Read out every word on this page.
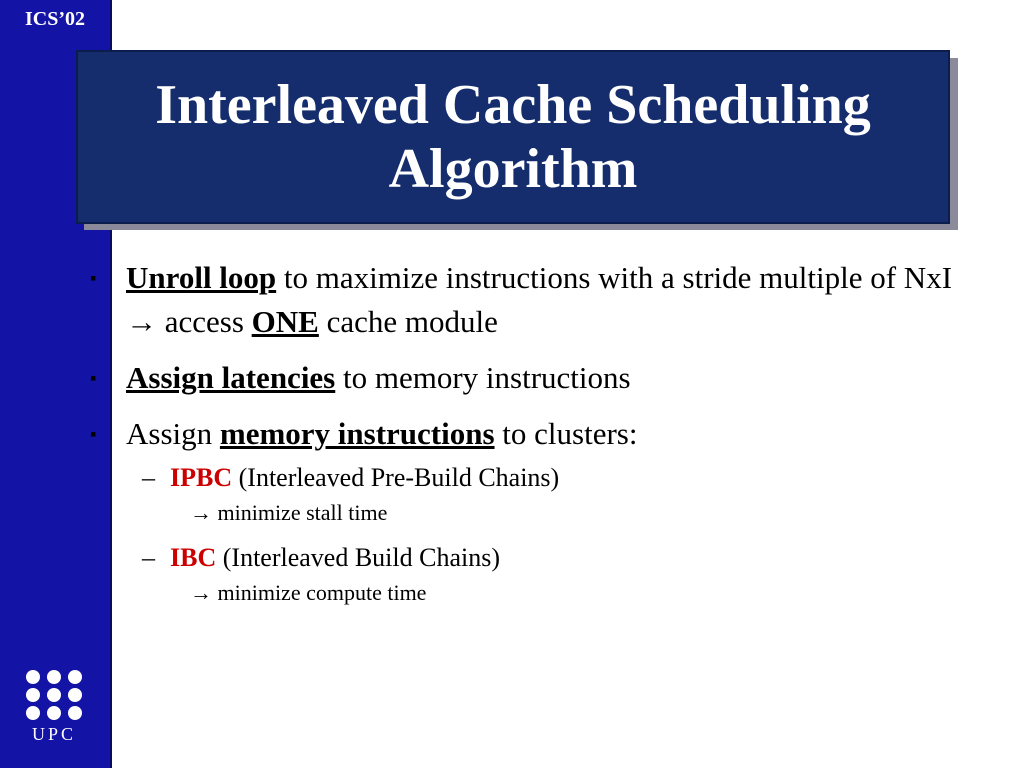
ICS’02
UPC
Interleaved Cache Scheduling
Algorithm
▪ Unroll loop to maximize instructions with a stride multiple of NxI → access ONE cache module
▪ Assign latencies to memory instructions
▪ Assign memory instructions to clusters:
– IPBC (Interleaved Pre-Build Chains)
→ minimize stall time
– IBC (Interleaved Build Chains)
→ minimize compute time
